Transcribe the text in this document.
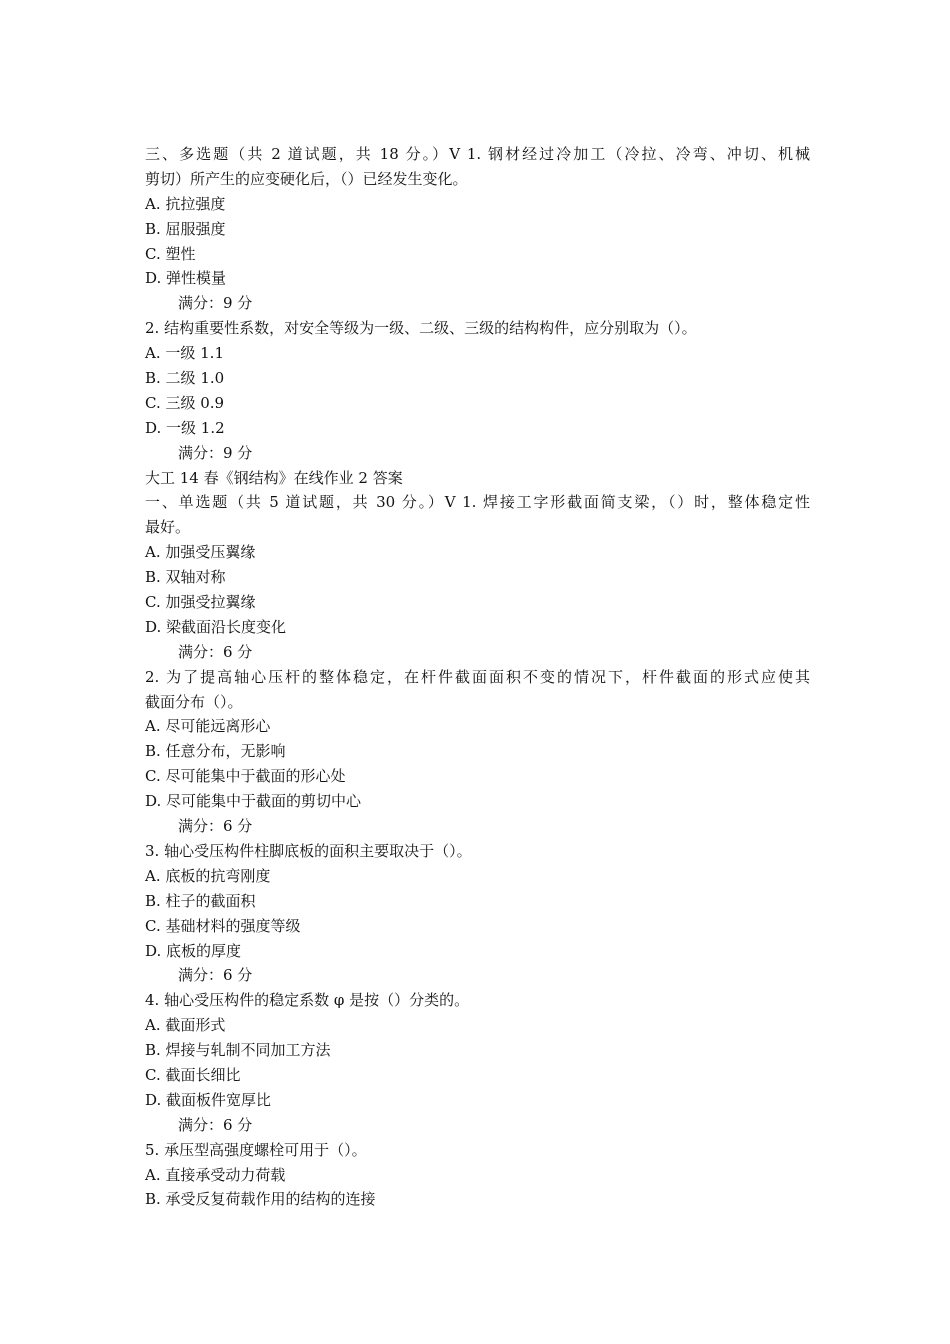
三、多选题（共 2 道试题，共 18 分。）V 1. 钢材经过冷加工（冷拉、冷弯、冲切、机械
剪切）所产生的应变硬化后，（）已经发生变化。
A. 抗拉强度
B. 屈服强度
C. 塑性
D. 弹性模量
满分：9 分
2. 结构重要性系数，对安全等级为一级、二级、三级的结构构件，应分别取为（）。
A. 一级 1.1
B. 二级 1.0
C. 三级 0.9
D. 一级 1.2
满分：9 分
大工 14 春《钢结构》在线作业 2 答案
一、单选题（共 5 道试题，共 30 分。）V 1. 焊接工字形截面简支梁，（）时，整体稳定性
最好。
A. 加强受压翼缘
B. 双轴对称
C. 加强受拉翼缘
D. 梁截面沿长度变化
满分：6 分
2. 为了提高轴心压杆的整体稳定，在杆件截面面积不变的情况下，杆件截面的形式应使其
截面分布（）。
A. 尽可能远离形心
B. 任意分布，无影响
C. 尽可能集中于截面的形心处
D. 尽可能集中于截面的剪切中心
满分：6 分
3. 轴心受压构件柱脚底板的面积主要取决于（）。
A. 底板的抗弯刚度
B. 柱子的截面积
C. 基础材料的强度等级
D. 底板的厚度
满分：6 分
4. 轴心受压构件的稳定系数 φ 是按（）分类的。
A. 截面形式
B. 焊接与轧制不同加工方法
C. 截面长细比
D. 截面板件宽厚比
满分：6 分
5. 承压型高强度螺栓可用于（）。
A. 直接承受动力荷载
B. 承受反复荷载作用的结构的连接
